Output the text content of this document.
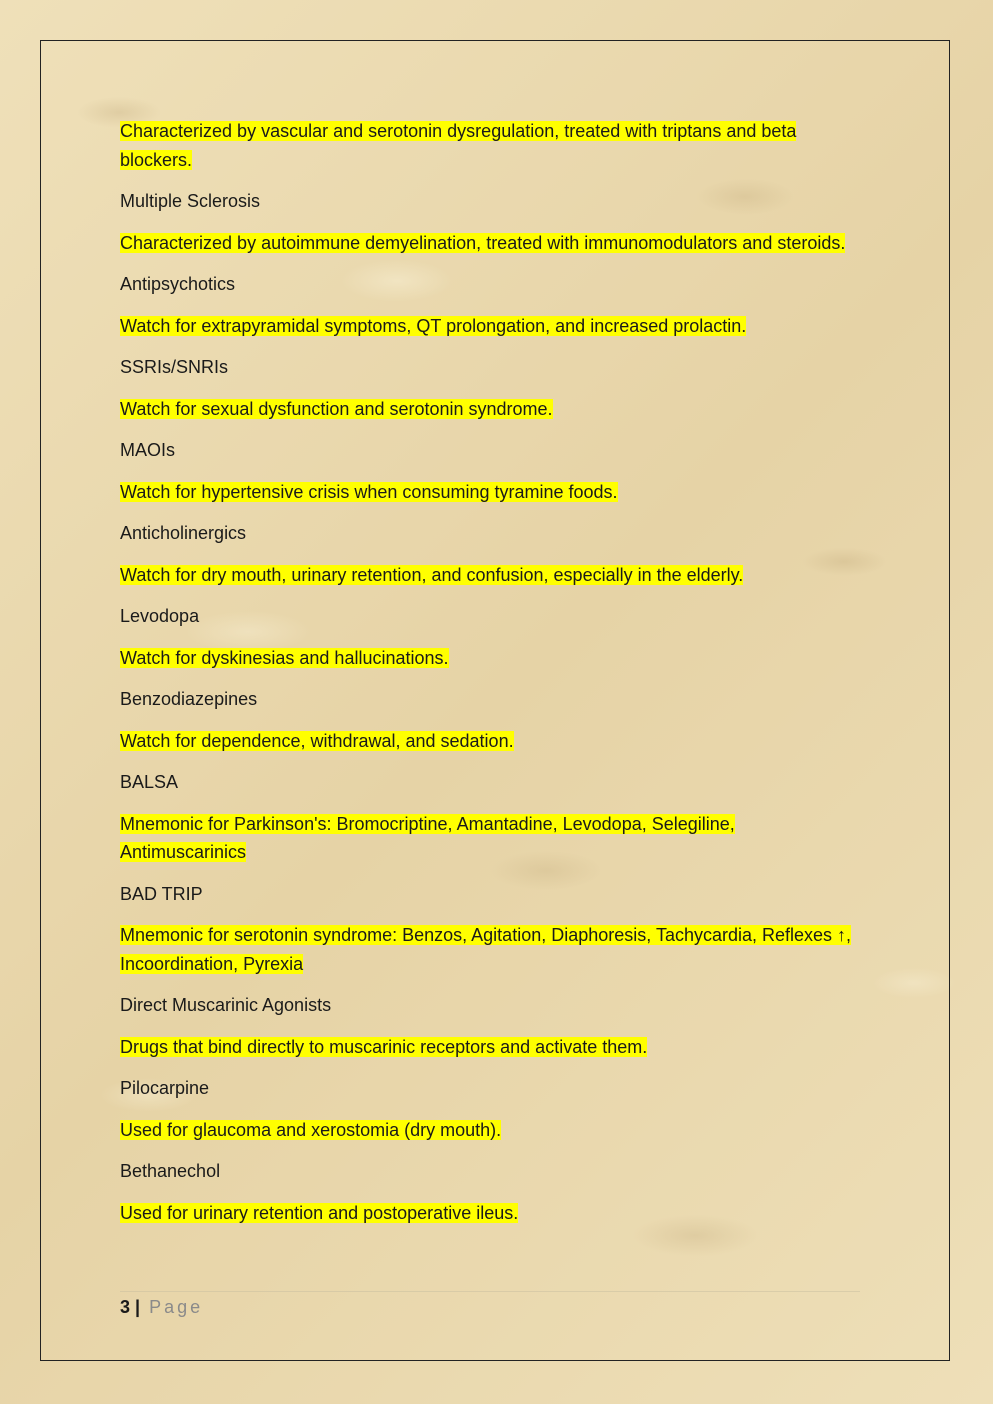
Characterized by vascular and serotonin dysregulation, treated with triptans and beta blockers.

Multiple Sclerosis

Characterized by autoimmune demyelination, treated with immunomodulators and steroids.

Antipsychotics

Watch for extrapyramidal symptoms, QT prolongation, and increased prolactin.

SSRIs/SNRIs

Watch for sexual dysfunction and serotonin syndrome.

MAOIs

Watch for hypertensive crisis when consuming tyramine foods.

Anticholinergics

Watch for dry mouth, urinary retention, and confusion, especially in the elderly.

Levodopa

Watch for dyskinesias and hallucinations.

Benzodiazepines

Watch for dependence, withdrawal, and sedation.

BALSA

Mnemonic for Parkinson's: Bromocriptine, Amantadine, Levodopa, Selegiline, Antimuscarinics

BAD TRIP

Mnemonic for serotonin syndrome: Benzos, Agitation, Diaphoresis, Tachycardia, Reflexes ↑, Incoordination, Pyrexia

Direct Muscarinic Agonists

Drugs that bind directly to muscarinic receptors and activate them.

Pilocarpine

Used for glaucoma and xerostomia (dry mouth).

Bethanechol

Used for urinary retention and postoperative ileus.

3 | Page
